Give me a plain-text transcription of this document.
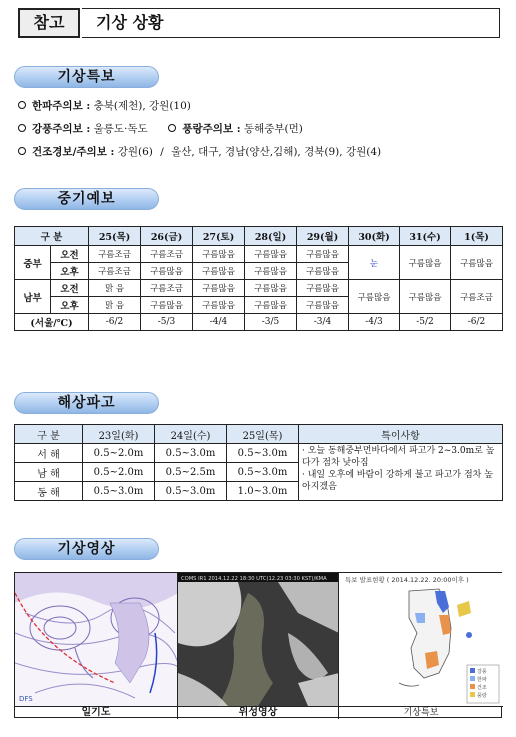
참고	기상 상황
기상특보
한파주의보 : 충북(제천), 강원(10)
강풍주의보 : 울릉도·독도	풍랑주의보 : 동해중부(먼)
건조경보/주의보 : 강원(6) / 울산, 대구, 경남(양산,김해), 경북(9), 강원(4)
중기예보
구 분		25(목)	26(금)	27(토)	28(일)	29(월)	30(화)	31(수)	1(목)
중부	오전	구름조금	구름조금	구름많음	구름많음	구름많음	눈	구름많음	구름많음
	오후	구름조금	구름많음	구름많음	구름많음	구름많음			
남부	오전	맑 음	구름조금	구름많음	구름많음	구름많음	구름많음	구름많음	구름조금
	오후	맑 음	구름많음	구름많음	구름많음	구름많음			
(서울/℃)		-6/2	-5/3	-4/4	-3/5	-3/4	-4/3	-5/2	-6/2
해상파고
구 분	23일(화)	24일(수)	25일(목)	특이사항
서 해	0.5~2.0m	0.5~3.0m	0.5~3.0m	· 오늘 동해중부먼바다에서 파고가 2~3.0m로 높다가 점차 낮아짐
· 내일 오후에 바람이 강하게 불고 파고가 점차 높아지겠음

남 해	0.5~2.0m	0.5~2.5m	0.5~3.0m	
동 해	0.5~3.0m	0.5~3.0m	1.0~3.0m	
기상영상
DFS
COMS IR1 2014.12.22 18:30 UTC(12.23 03:30 KST)/KMA	특보 발표현황 ( 2014.12.22. 20:00이후 )
강풍
한파
건조
풍랑
일기도	위성영상	기상특보
